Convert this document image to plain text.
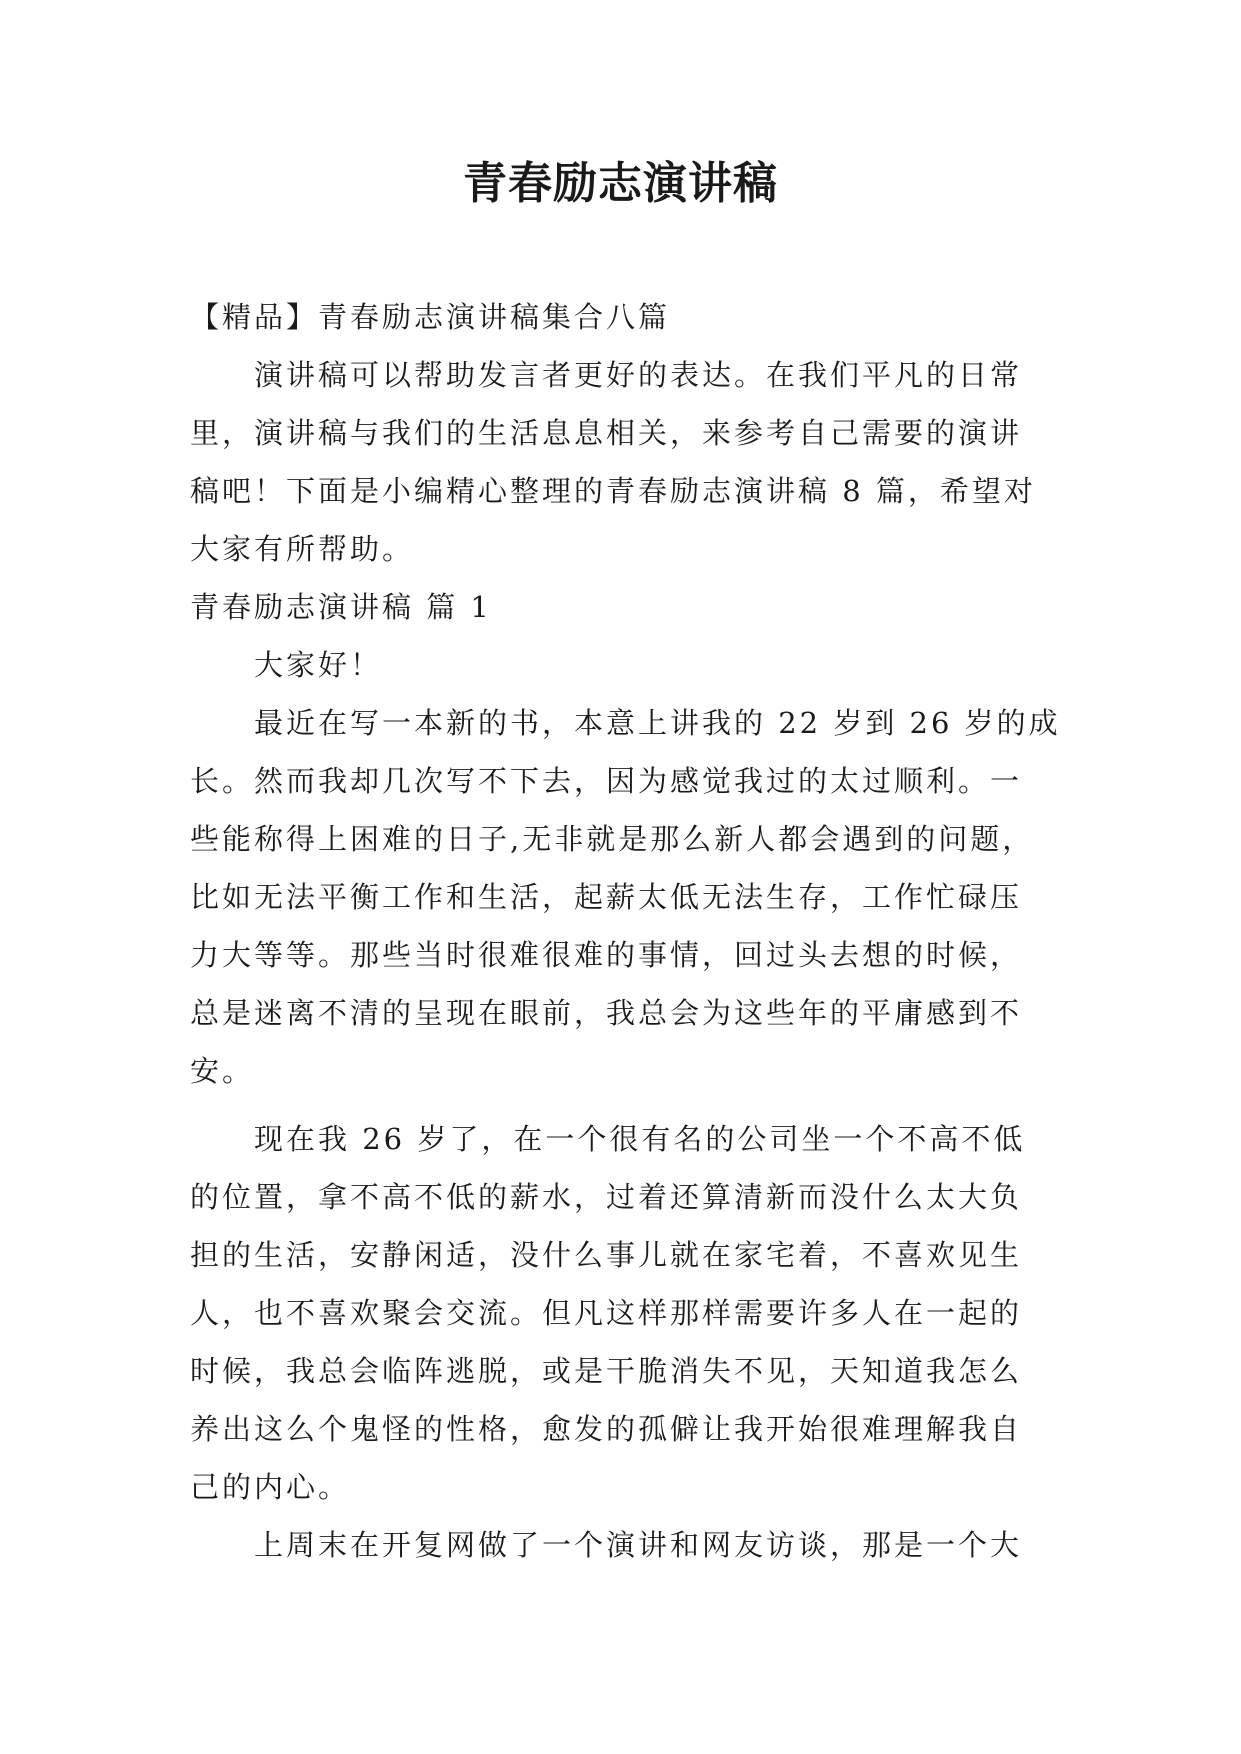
青春励志演讲稿

【精品】青春励志演讲稿集合八篇

演讲稿可以帮助发言者更好的表达。在我们平凡的日常

里，演讲稿与我们的生活息息相关，来参考自己需要的演讲

稿吧！下面是小编精心整理的青春励志演讲稿 8 篇，希望对

大家有所帮助。

青春励志演讲稿 篇 1

大家好！

最近在写一本新的书，本意上讲我的 22 岁到 26 岁的成

长。然而我却几次写不下去，因为感觉我过的太过顺利。一

些能称得上困难的日子,无非就是那么新人都会遇到的问题，

比如无法平衡工作和生活，起薪太低无法生存，工作忙碌压

力大等等。那些当时很难很难的事情，回过头去想的时候，

总是迷离不清的呈现在眼前，我总会为这些年的平庸感到不

安。

现在我 26 岁了，在一个很有名的公司坐一个不高不低

的位置，拿不高不低的薪水，过着还算清新而没什么太大负

担的生活，安静闲适，没什么事儿就在家宅着，不喜欢见生

人，也不喜欢聚会交流。但凡这样那样需要许多人在一起的

时候，我总会临阵逃脱，或是干脆消失不见，天知道我怎么

养出这么个鬼怪的性格，愈发的孤僻让我开始很难理解我自

己的内心。

上周末在开复网做了一个演讲和网友访谈，那是一个大
